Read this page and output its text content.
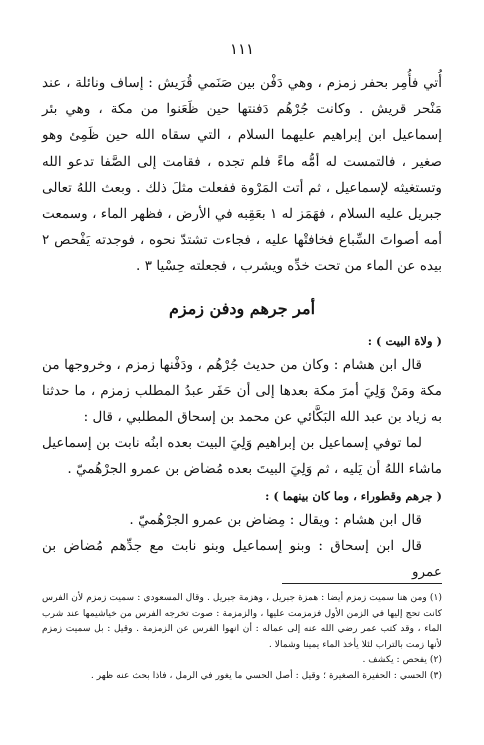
١١١

أُتي فأُمِر بحفر زمزم ، وهي دَفْن بين صَنَمي قُرَيش : إساف ونائلة ، عند مَنْحر قريش . وكانت جُرْهُم دَفنتها حين ظَعَنوا من مكة ، وهي بئر إسماعيل ابن إبراهيم عليهما السلام ، التي سقاه الله حين ظَمِئ وهو صغير ، فالتمست له أمُّه ماءً فلم تجده ، فقامت إلى الصَّفا تدعو الله وتستغيثه لإسماعيل ، ثم أتت المَرْوة ففعلت مثلَ ذلك . وبعث اللهُ تعالى جبريل عليه السلام ، فهَمَز له ١ بعَقِبه في الأرض ، فظهر الماء ، وسمعت أمه أصواتَ السِّباع فخافتْها عليه ، فجاءت تشتدّ نحوه ، فوجدته يَفْحص ٢ بيده عن الماء من تحت خدِّه ويشرب ، فجعلته حِسْيا ٣ .

أمر جرهم ودفن زمزم
( ولاة البيت ) :

قال ابن هشام : وكان من حديث جُرْهُم ، ودَفْنها زمزم ، وخروجها من مكة ومَنْ وَلِيَ أمرَ مكة بعدها إلى أن حَفَر عبدُ المطلب زمزم ، ما حدثنا به زياد بن عبد الله البَكَّائي عن محمد بن إسحاق المطلبي ، قال :

لما توفي إسماعيل بن إبراهيم وَلِيَ البيت بعده ابنُه نابت بن إسماعيل ماشاء اللهُ أن يَليه ، ثم وَلِيَ البيتَ بعده مُضاض بن عمرو الجرْهُميّ .

( جرهم وقطوراء ، وما كان بينهما ) :

قال ابن هشام : ويقال : مِضاض بن عمرو الجرْهُميّ .

قال ابن إسحاق : وبنو إسماعيل وبنو نابت مع جدِّهم مُضاض بن عمرو

(١) ومن هنا سميت زمزم أيضا : همزة جبريل ، وهزمة جبريل . وقال المسعودي : سميت زمزم لأن الفرس كانت تحج إليها في الزمن الأول فزمزمت عليها ، والزمزمة : صوت تخرجه الفرس من خياشيمها عند شرب الماء ، وقد كتب عمر رضي الله عنه إلى عماله : أن انهوا الفرس عن الزمزمة . وقيل : بل سميت زمزم لأنها زمت بالتراب لئلا يأخذ الماء يمينا وشمالا .

(٢) يفحص : يكشف .

(٣) الحسي : الحفيرة الصغيرة ؛ وقيل : أصل الحسي ما يغور في الرمل ، فاذا بحث عنه ظهر .
